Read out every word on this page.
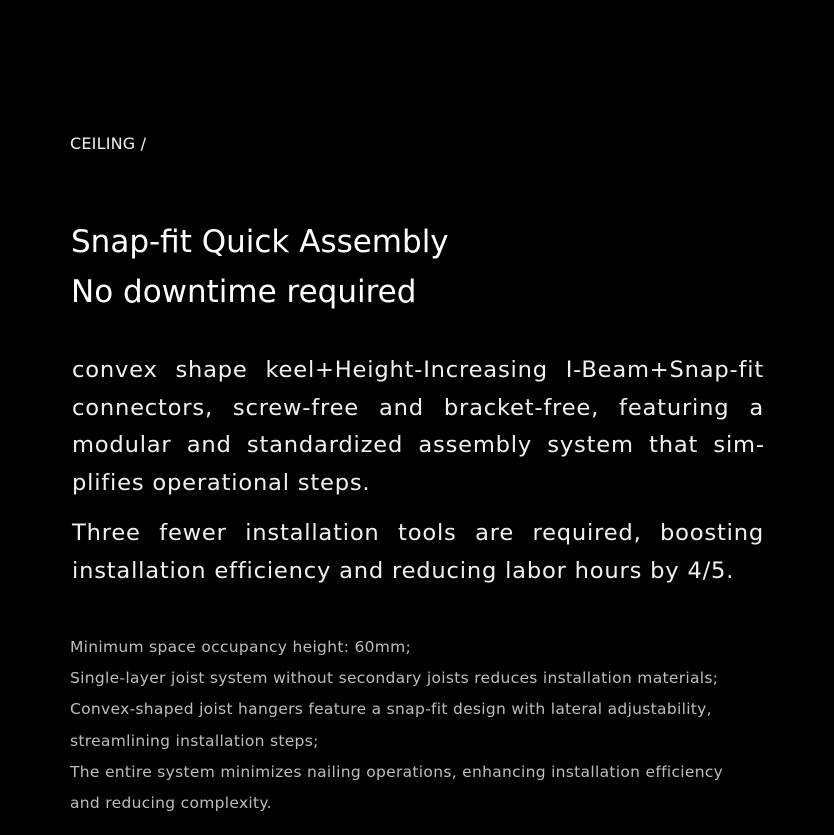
CEILING /
Snap-fit Quick Assembly
No downtime required
convex shape keel+Height-Increasing I-Beam+Snap-fit connectors, screw-free and bracket-free, featuring a modular and standardized assembly system that simplifies operational steps.
Three fewer installation tools are required, boosting installation efficiency and reducing labor hours by 4/5.
Minimum space occupancy height: 60mm;
Single-layer joist system without secondary joists reduces installation materials;
Convex-shaped joist hangers feature a snap-fit design with lateral adjustability,
streamlining installation steps;
The entire system minimizes nailing operations, enhancing installation efficiency
and reducing complexity.
